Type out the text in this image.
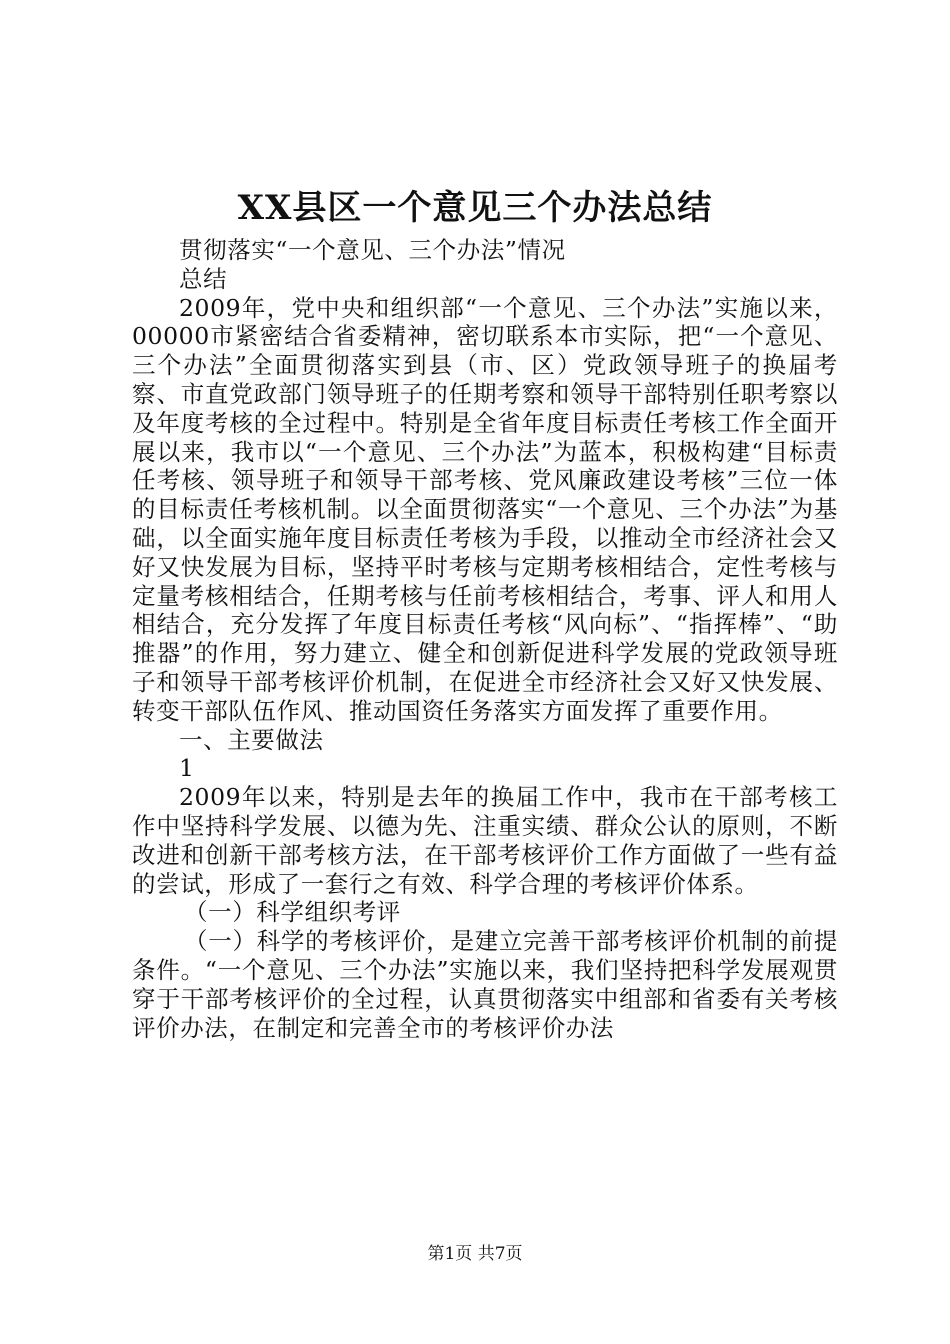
XX县区一个意见三个办法总结

贯彻落实“一个意见、三个办法”情况

总结

2009年，党中央和组织部“一个意见、三个办法”实施以来，00000市紧密结合省委精神，密切联系本市实际，把“一个意见、三个办法”全面贯彻落实到县（市、区）党政领导班子的换届考察、市直党政部门领导班子的任期考察和领导干部特别任职考察以及年度考核的全过程中。特别是全省年度目标责任考核工作全面开展以来，我市以“一个意见、三个办法”为蓝本，积极构建“目标责任考核、领导班子和领导干部考核、党风廉政建设考核”三位一体的目标责任考核机制。以全面贯彻落实“一个意见、三个办法”为基础，以全面实施年度目标责任考核为手段，以推动全市经济社会又好又快发展为目标，坚持平时考核与定期考核相结合，定性考核与定量考核相结合，任期考核与任前考核相结合，考事、评人和用人相结合，充分发挥了年度目标责任考核“风向标”、“指挥棒”、“助推器”的作用，努力建立、健全和创新促进科学发展的党政领导班子和领导干部考核评价机制，在促进全市经济社会又好又快发展、转变干部队伍作风、推动国资任务落实方面发挥了重要作用。

一、主要做法

1

2009年以来，特别是去年的换届工作中，我市在干部考核工作中坚持科学发展、以德为先、注重实绩、群众公认的原则，不断改进和创新干部考核方法，在干部考核评价工作方面做了一些有益的尝试，形成了一套行之有效、科学合理的考核评价体系。

（一）科学组织考评

（一）科学的考核评价，是建立完善干部考核评价机制的前提条件。“一个意见、三个办法”实施以来，我们坚持把科学发展观贯穿于干部考核评价的全过程，认真贯彻落实中组部和省委有关考核评价办法，在制定和完善全市的考核评价办法

第1页 共7页
